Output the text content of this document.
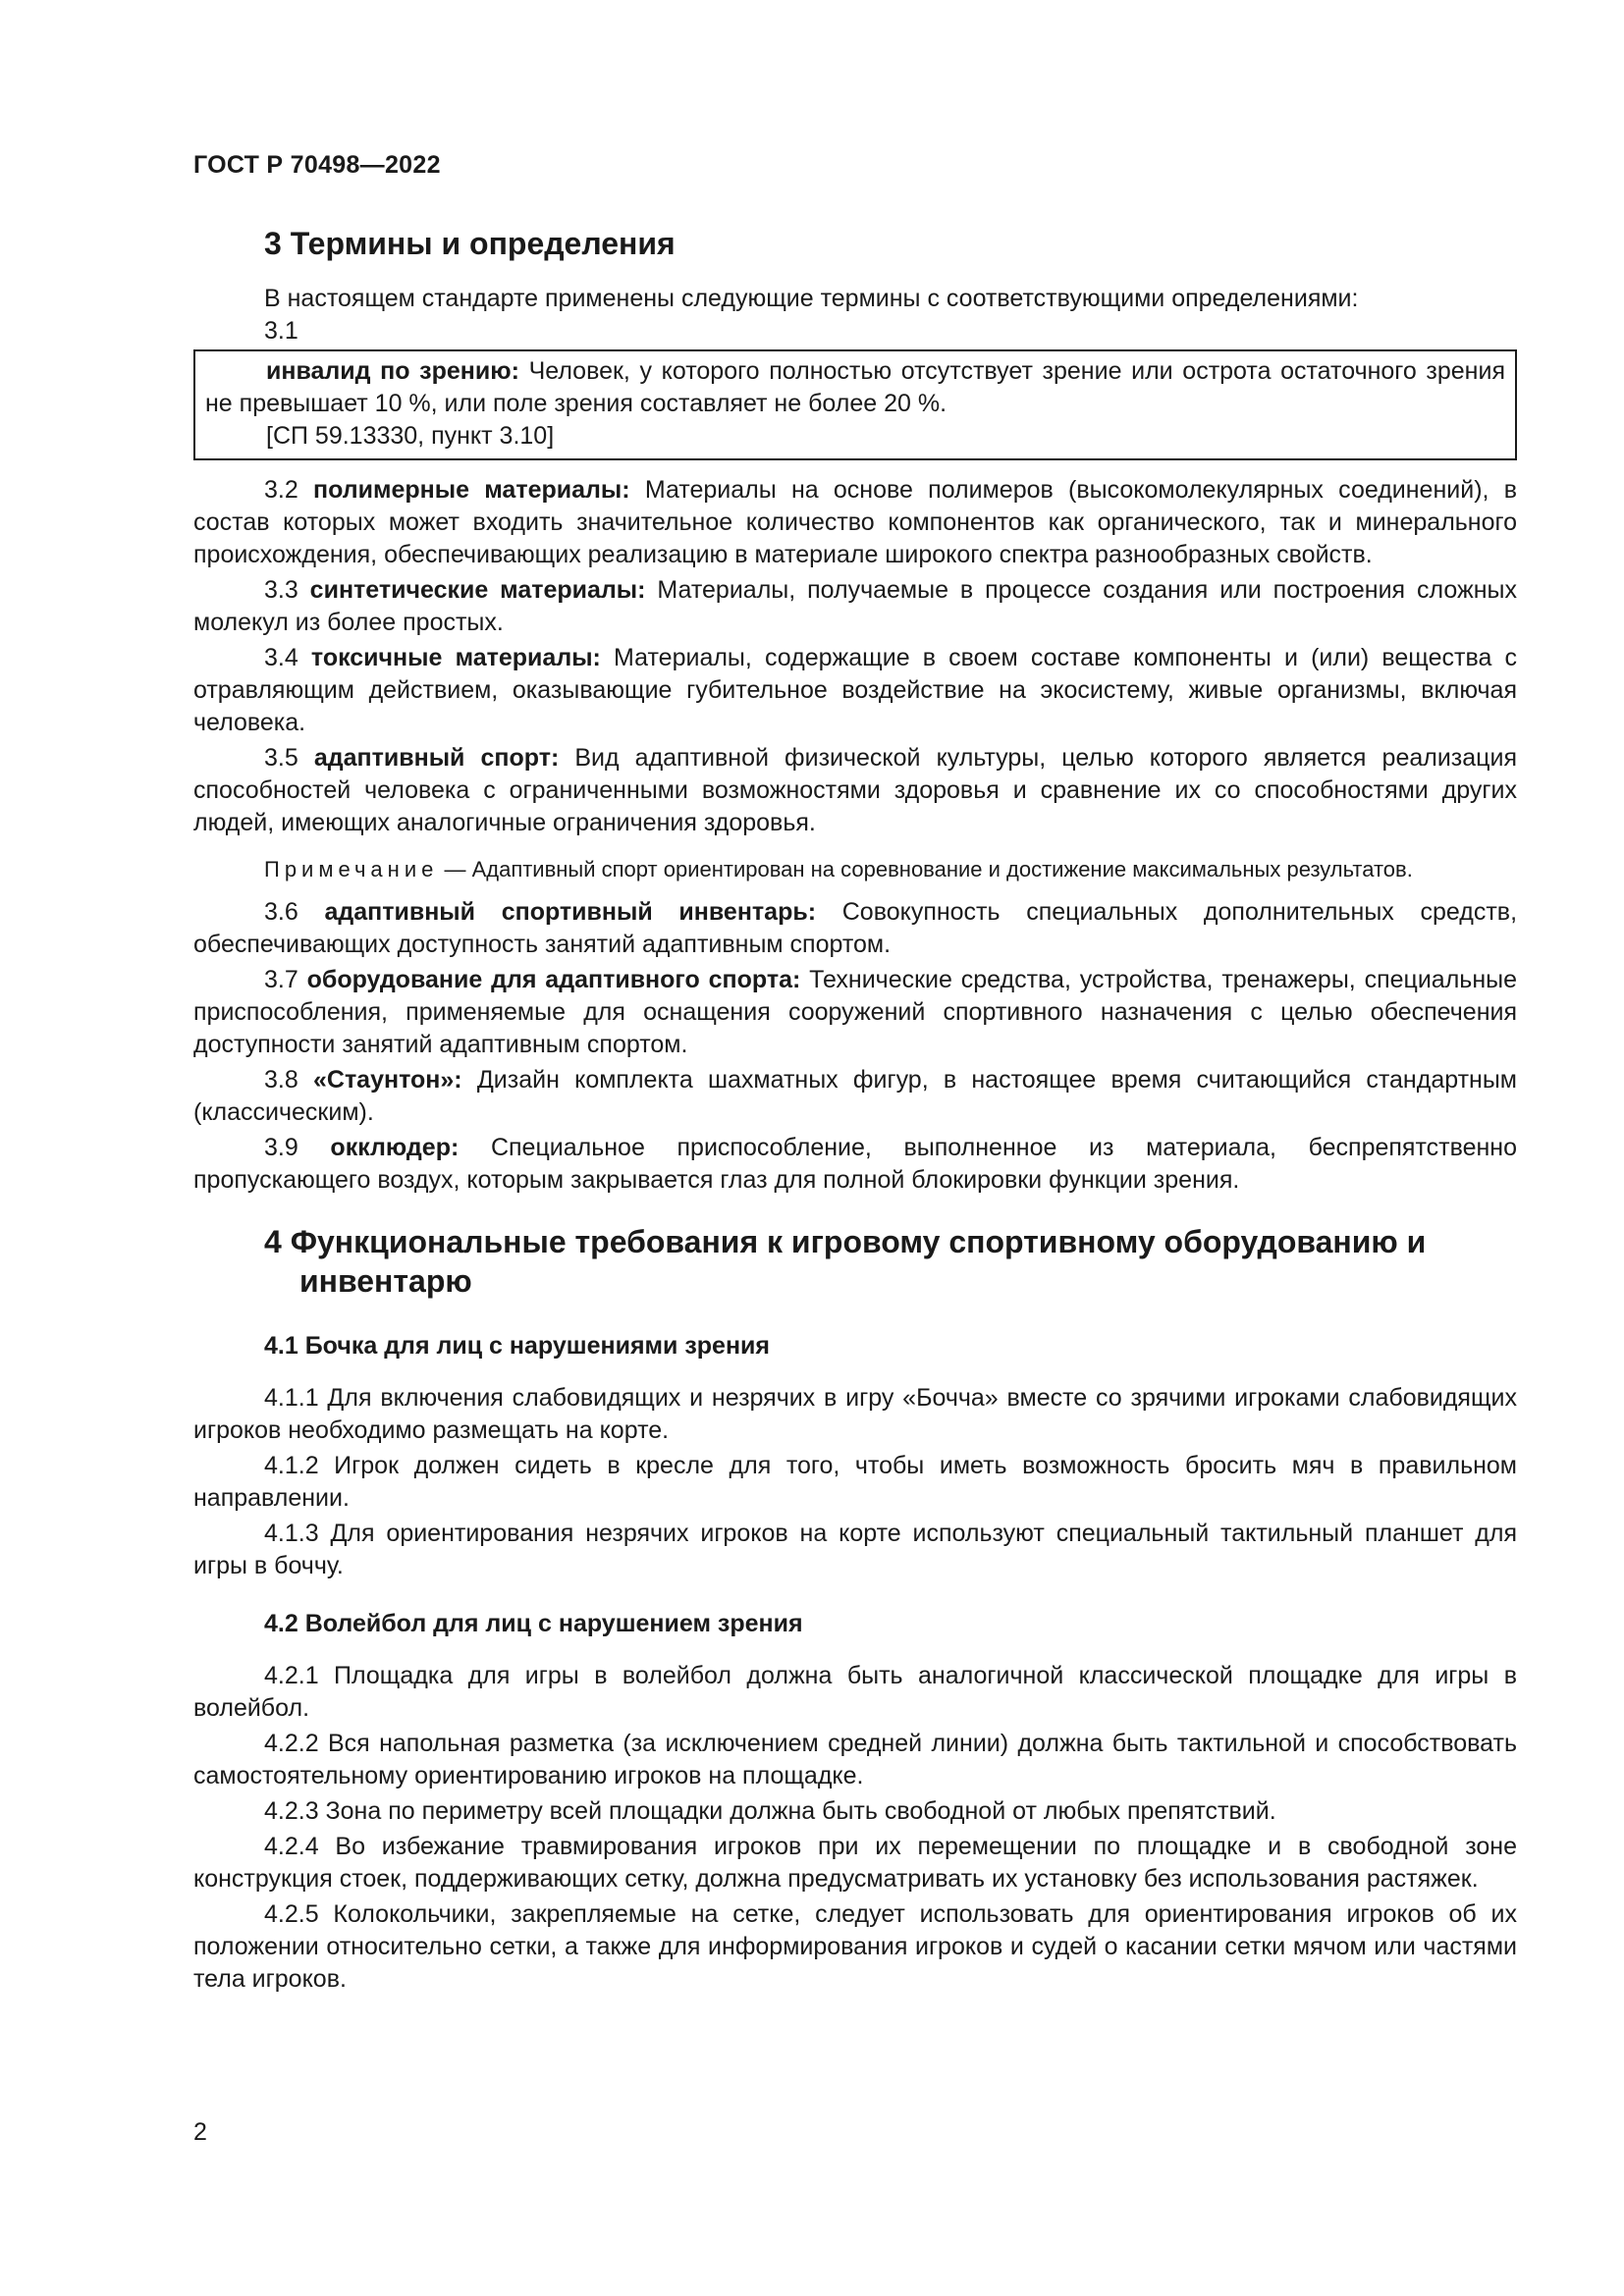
ГОСТ Р 70498—2022

3 Термины и определения

В настоящем стандарте применены следующие термины с соответствующими определениями:

3.1

инвалид по зрению: Человек, у которого полностью отсутствует зрение или острота остаточного зрения не превышает 10 %, или поле зрения составляет не более 20 %.

[СП 59.13330, пункт 3.10]

3.2 полимерные материалы: Материалы на основе полимеров (высокомолекулярных соединений), в состав которых может входить значительное количество компонентов как органического, так и минерального происхождения, обеспечивающих реализацию в материале широкого спектра разнообразных свойств.

3.3 синтетические материалы: Материалы, получаемые в процессе создания или построения сложных молекул из более простых.

3.4 токсичные материалы: Материалы, содержащие в своем составе компоненты и (или) вещества с отравляющим действием, оказывающие губительное воздействие на экосистему, живые организмы, включая человека.

3.5 адаптивный спорт: Вид адаптивной физической культуры, целью которого является реализация способностей человека с ограниченными возможностями здоровья и сравнение их со способностями других людей, имеющих аналогичные ограничения здоровья.

Примечание — Адаптивный спорт ориентирован на соревнование и достижение максимальных результатов.

3.6 адаптивный спортивный инвентарь: Совокупность специальных дополнительных средств, обеспечивающих доступность занятий адаптивным спортом.

3.7 оборудование для адаптивного спорта: Технические средства, устройства, тренажеры, специальные приспособления, применяемые для оснащения сооружений спортивного назначения с целью обеспечения доступности занятий адаптивным спортом.

3.8 «Стаунтон»: Дизайн комплекта шахматных фигур, в настоящее время считающийся стандартным (классическим).

3.9 окклюдер: Специальное приспособление, выполненное из материала, беспрепятственно пропускающего воздух, которым закрывается глаз для полной блокировки функции зрения.

4 Функциональные требования к игровому спортивному оборудованию и инвентарю
4.1 Бочка для лиц с нарушениями зрения

4.1.1 Для включения слабовидящих и незрячих в игру «Бочча» вместе со зрячими игроками слабовидящих игроков необходимо размещать на корте.

4.1.2 Игрок должен сидеть в кресле для того, чтобы иметь возможность бросить мяч в правильном направлении.

4.1.3 Для ориентирования незрячих игроков на корте используют специальный тактильный планшет для игры в боччу.

4.2 Волейбол для лиц с нарушением зрения

4.2.1 Площадка для игры в волейбол должна быть аналогичной классической площадке для игры в волейбол.

4.2.2 Вся напольная разметка (за исключением средней линии) должна быть тактильной и способствовать самостоятельному ориентированию игроков на площадке.

4.2.3 Зона по периметру всей площадки должна быть свободной от любых препятствий.

4.2.4 Во избежание травмирования игроков при их перемещении по площадке и в свободной зоне конструкция стоек, поддерживающих сетку, должна предусматривать их установку без использования растяжек.

4.2.5 Колокольчики, закрепляемые на сетке, следует использовать для ориентирования игроков об их положении относительно сетки, а также для информирования игроков и судей о касании сетки мячом или частями тела игроков.

2
